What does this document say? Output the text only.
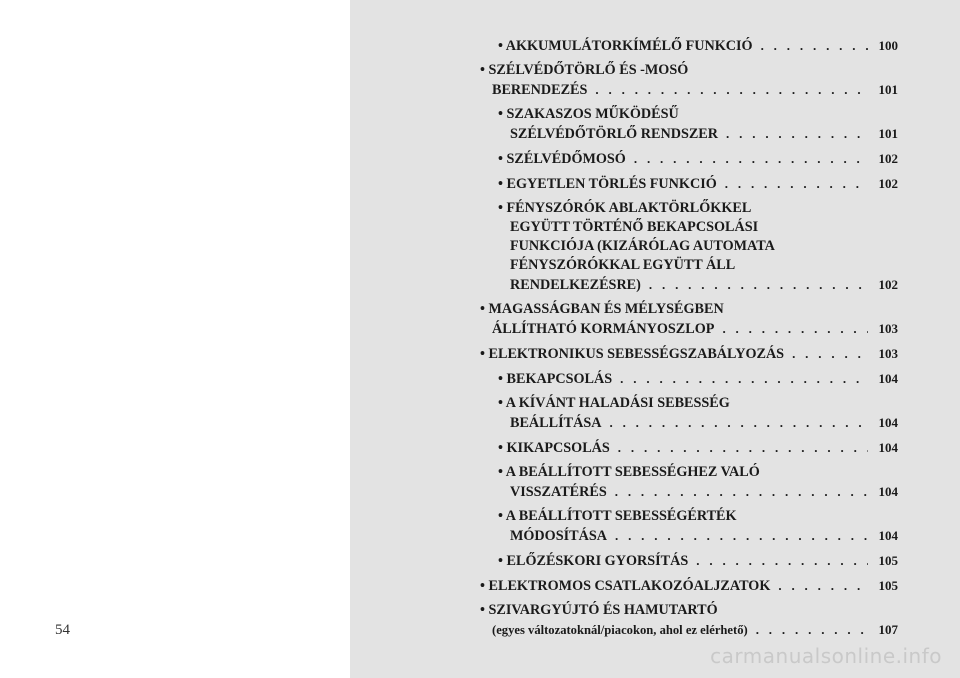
54
• AKKUMULÁTORKÍMÉLŐ FUNKCIÓ . . .	100
• SZÉLVÉDŐTÖRLŐ ÉS -MOSÓ
BERENDEZÉS . . .	101
• SZAKASZOS MŰKÖDÉSŰ
SZÉLVÉDŐTÖRLŐ RENDSZER . . .	101
• SZÉLVÉDŐMOSÓ . . .	102
• EGYETLEN TÖRLÉS FUNKCIÓ . . .	102
• FÉNYSZÓRÓK ABLAKTÖRLŐKKEL
EGYÜTT TÖRTÉNŐ BEKAPCSOLÁSI
FUNKCIÓJA (KIZÁRÓLAG AUTOMATA
FÉNYSZÓRÓKKAL EGYÜTT ÁLL
RENDELKEZÉSRE) . . .	102
• MAGASSÁGBAN ÉS MÉLYSÉGBEN
ÁLLÍTHATÓ KORMÁNYOSZLOP . . .	103
• ELEKTRONIKUS SEBESSÉGSZABÁLYOZÁS . . .	103
• BEKAPCSOLÁS . . .	104
• A KÍVÁNT HALADÁSI SEBESSÉG
BEÁLLÍTÁSA . . .	104
• KIKAPCSOLÁS . . .	104
• A BEÁLLÍTOTT SEBESSÉGHEZ VALÓ
VISSZATÉRÉS . . .	104
• A BEÁLLÍTOTT SEBESSÉGÉRTÉK
MÓDOSÍTÁSA . . .	104
• ELŐZÉSKORI GYORSÍTÁS . . .	105
• ELEKTROMOS CSATLAKOZÓALJZATOK . . .	105
• SZIVARGYÚJTÓ ÉS HAMUTARTÓ
(egyes változatoknál/piacokon, ahol ez elérhető) . . .	107
carmanualsonline.info
